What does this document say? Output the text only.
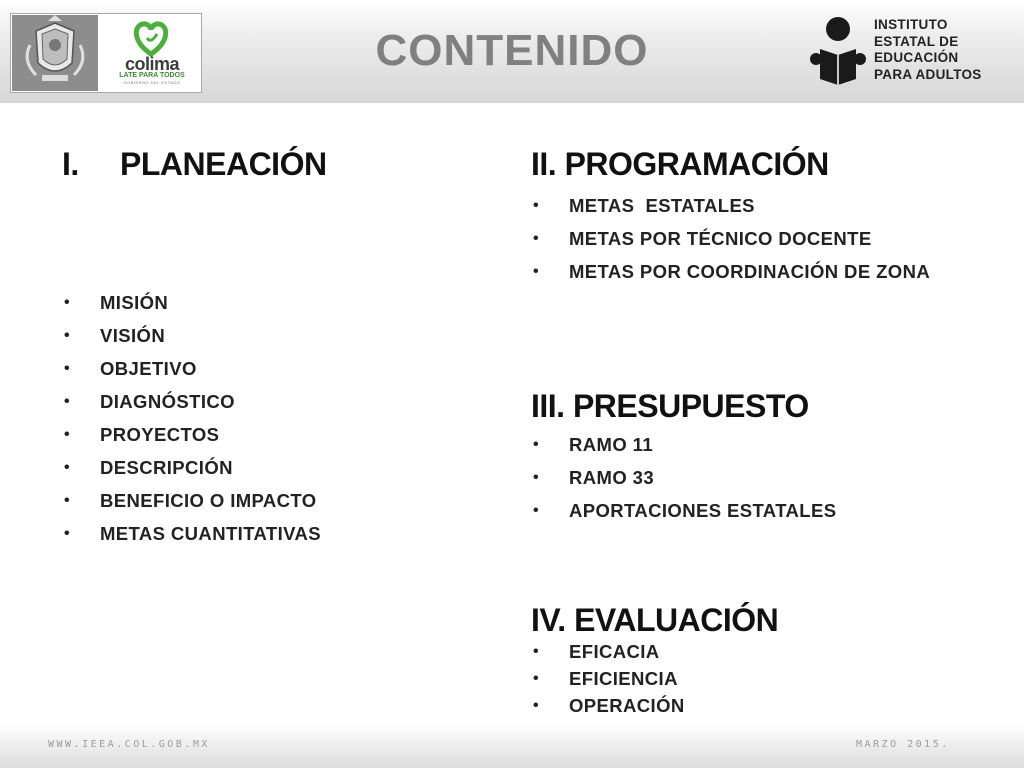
colima
LATE PARA TODOS
GOBIERNO DEL ESTADO
CONTENIDO
INSTITUTO
ESTATAL DE
EDUCACIÓN
PARA ADULTOS
I. PLANEACIÓN
• MISIÓN
• VISIÓN
• OBJETIVO
• DIAGNÓSTICO
• PROYECTOS
• DESCRIPCIÓN
• BENEFICIO O IMPACTO
• METAS CUANTITATIVAS
II. PROGRAMACIÓN
• METAS  ESTATALES
• METAS POR TÉCNICO DOCENTE
• METAS POR COORDINACIÓN DE ZONA
III. PRESUPUESTO
• RAMO 11
• RAMO 33
• APORTACIONES ESTATALES
IV. EVALUACIÓN
• EFICACIA
• EFICIENCIA
• OPERACIÓN
WWW.IEEA.COL.GOB.MX	MARZO 2015.
